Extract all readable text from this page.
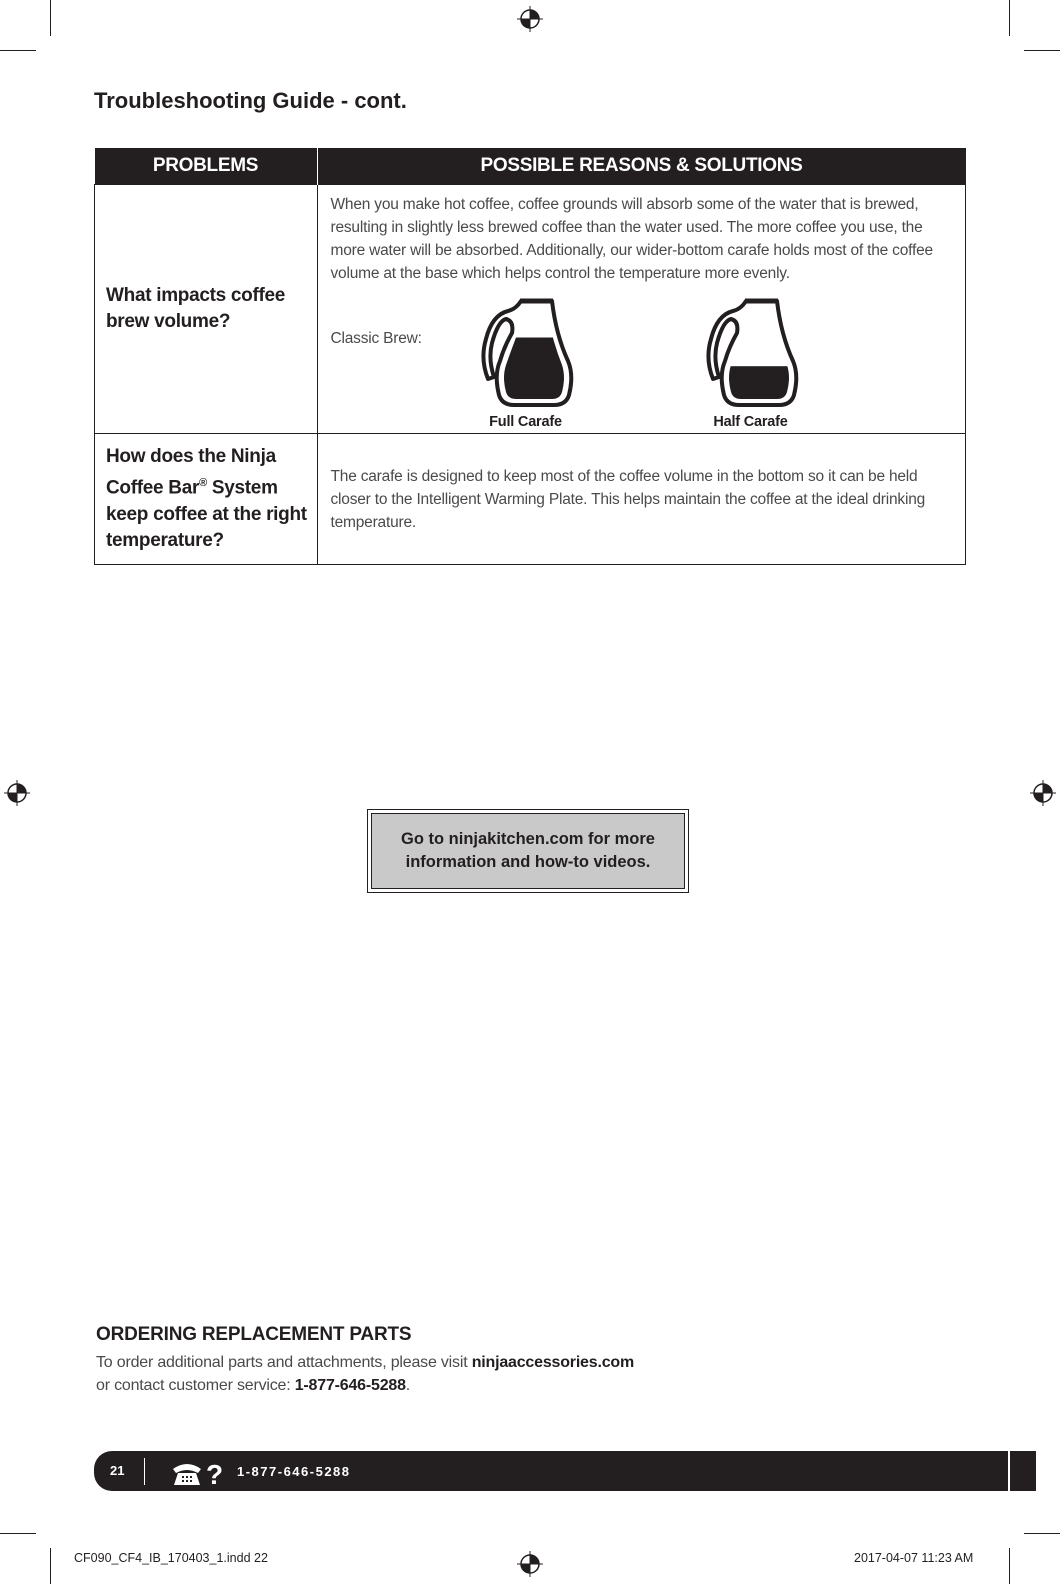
Troubleshooting Guide - cont.
PROBLEMS	POSSIBLE REASONS & SOLUTIONS
What impacts coffee brew volume?	When you make hot coffee, coffee grounds will absorb some of the water that is brewed, resulting in slightly less brewed coffee than the water used. The more coffee you use, the more water will be absorbed. Additionally, our wider-bottom carafe holds most of the coffee volume at the base which helps control the temperature more evenly.

Classic Brew:
Full Carafe Half Carafe

How does the Ninja Coffee Bar® System keep coffee at the right temperature?	The carafe is designed to keep most of the coffee volume in the bottom so it can be held closer to the Intelligent Warming Plate. This helps maintain the coffee at the ideal drinking temperature.
Go to ninjakitchen.com for more
information and how-to videos.
ORDERING REPLACEMENT PARTS
To order additional parts and attachments, please visit ninjaaccessories.com
or contact customer service: 1-877-646-5288.
21	? 1-877-646-5288
CF090_CF4_IB_170403_1.indd 22	2017-04-07 11:23 AM
